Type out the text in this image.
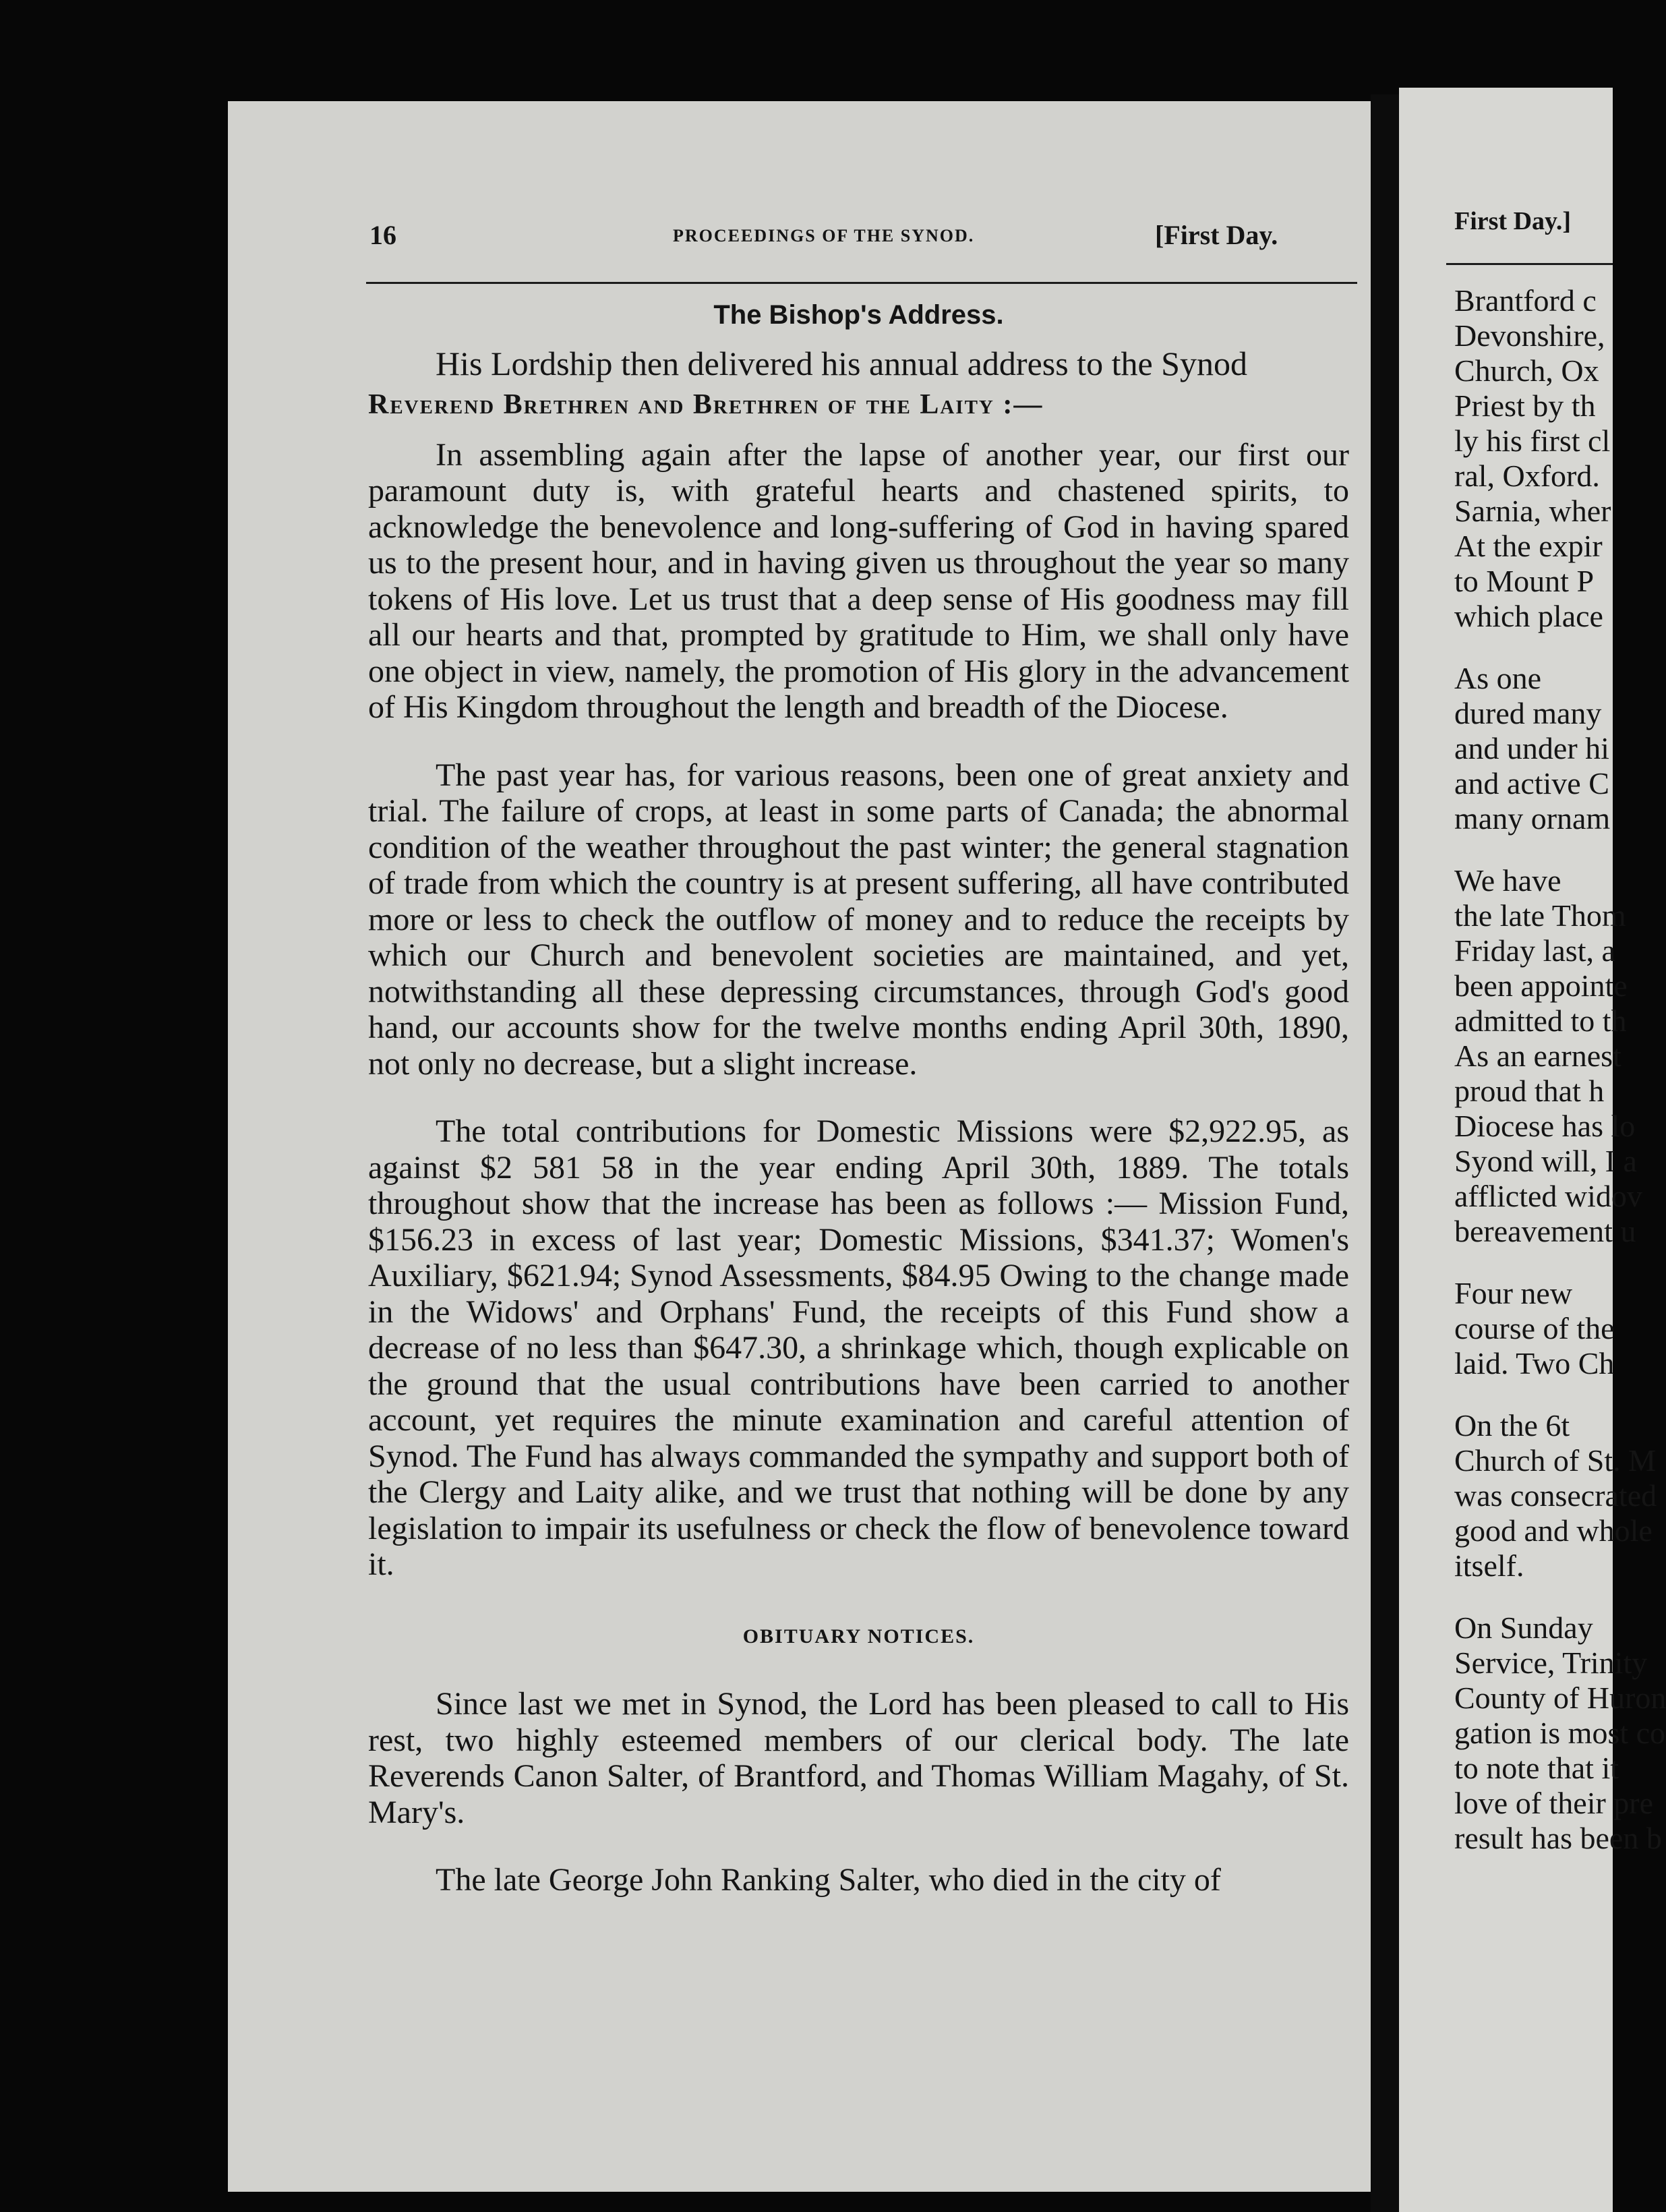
16	PROCEEDINGS OF THE SYNOD.	[First Day.

The Bishop's Address.

His Lordship then delivered his annual address to the Synod

Reverend Brethren and Brethren of the Laity :—

In assembling again after the lapse of another year, our first our paramount duty is, with grateful hearts and chastened spirits, to acknowledge the benevolence and long-suffering of God in having spared us to the present hour, and in having given us throughout the year so many tokens of His love. Let us trust that a deep sense of His goodness may fill all our hearts and that, prompted by gratitude to Him, we shall only have one object in view, namely, the promotion of His glory in the advancement of His Kingdom throughout the length and breadth of the Diocese.

The past year has, for various reasons, been one of great anxiety and trial. The failure of crops, at least in some parts of Canada; the abnormal condition of the weather throughout the past winter; the general stagnation of trade from which the country is at present suffering, all have contributed more or less to check the outflow of money and to reduce the receipts by which our Church and benevolent societies are maintained, and yet, notwithstanding all these depressing circumstances, through God's good hand, our accounts show for the twelve months ending April 30th, 1890, not only no decrease, but a slight increase.

The total contributions for Domestic Missions were $2,922.95, as against $2 581 58 in the year ending April 30th, 1889. The totals throughout show that the increase has been as follows :— Mission Fund, $156.23 in excess of last year; Domestic Missions, $341.37; Women's Auxiliary, $621.94; Synod Assessments, $84.95 Owing to the change made in the Widows' and Orphans' Fund, the receipts of this Fund show a decrease of no less than $647.30, a shrinkage which, though explicable on the ground that the usual contributions have been carried to another account, yet requires the minute examination and careful attention of Synod. The Fund has always commanded the sympathy and support both of the Clergy and Laity alike, and we trust that nothing will be done by any legislation to impair its usefulness or check the flow of benevolence toward it.

OBITUARY NOTICES.

Since last we met in Synod, the Lord has been pleased to call to His rest, two highly esteemed members of our clerical body. The late Reverends Canon Salter, of Brantford, and Thomas William Magahy, of St. Mary's.

The late George John Ranking Salter, who died in the city of

First Day.]
Brantford c
Devonshire,
Church, Ox
Priest by th
ly his first cl
ral, Oxford.
Sarnia, wher
At the expir
to Mount P
which place
As one
dured many
and under hi
and active C
many ornam
We have
the late Thom
Friday last, a
been appointe
admitted to th
As an earnest
proud that h
Diocese has lo
Syond will, I a
afflicted widov
bereavement u
Four new
course of the
laid. Two Ch
On the 6t
Church of St. M
was consecrated
good and whole
itself.
On Sunday
Service, Trinity
County of Huron
gation is most co
to note that it
love of their pre
result has been b
